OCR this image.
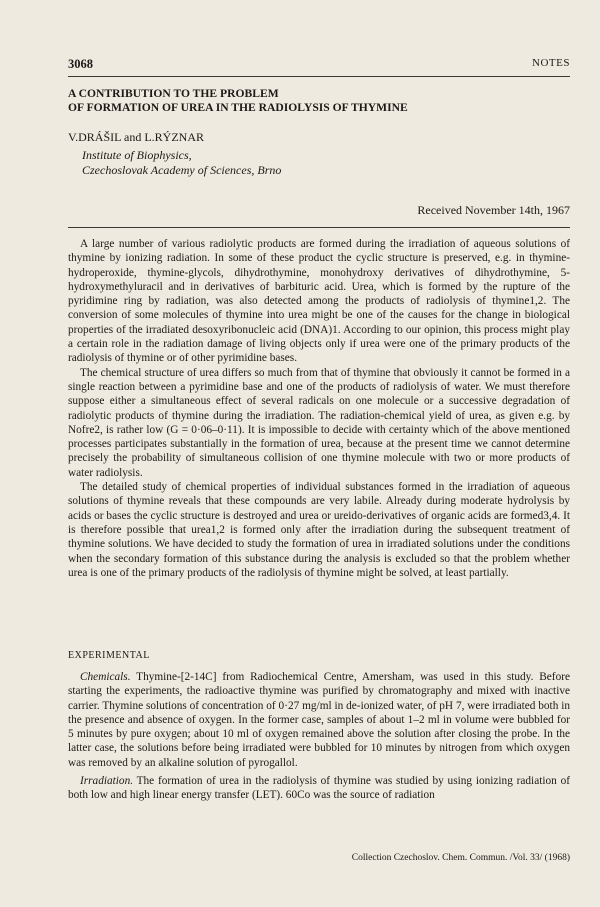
3068	NOTES
A CONTRIBUTION TO THE PROBLEM
OF FORMATION OF UREA IN THE RADIOLYSIS OF THYMINE
V.DRÁŠIL and L.RÝZNAR
Institute of Biophysics,
Czechoslovak Academy of Sciences, Brno
Received November 14th, 1967

A large number of various radiolytic products are formed during the irradiation of aqueous solutions of thymine by ionizing radiation. In some of these product the cyclic structure is preserved, e.g. in thymine-hydroperoxide, thymine-glycols, dihydrothymine, monohydroxy derivatives of dihydrothymine, 5-hydroxymethyluracil and in derivatives of barbituric acid. Urea, which is formed by the rupture of the pyridimine ring by radiation, was also detected among the products of radiolysis of thymine1,2. The conversion of some molecules of thymine into urea might be one of the causes for the change in biological properties of the irradiated desoxyribonucleic acid (DNA)1. According to our opinion, this process might play a certain role in the radiation damage of living objects only if urea were one of the primary products of the radiolysis of thymine or of other pyrimidine bases.

The chemical structure of urea differs so much from that of thymine that obviously it cannot be formed in a single reaction between a pyrimidine base and one of the products of radiolysis of water. We must therefore suppose either a simultaneous effect of several radicals on one molecule or a successive degradation of radiolytic products of thymine during the irradiation. The radiation-chemical yield of urea, as given e.g. by Nofre2, is rather low (G = 0·06–0·11). It is impossible to decide with certainty which of the above mentioned processes participates substantially in the formation of urea, because at the present time we cannot determine precisely the probability of simultaneous collision of one thymine molecule with two or more products of water radiolysis.

The detailed study of chemical properties of individual substances formed in the irradiation of aqueous solutions of thymine reveals that these compounds are very labile. Already during moderate hydrolysis by acids or bases the cyclic structure is destroyed and urea or ureido-derivatives of organic acids are formed3,4. It is therefore possible that urea1,2 is formed only after the irradiation during the subsequent treatment of thymine solutions. We have decided to study the formation of urea in irradiated solutions under the conditions when the secondary formation of this substance during the analysis is excluded so that the problem whether urea is one of the primary products of the radiolysis of thymine might be solved, at least partially.

EXPERIMENTAL

Chemicals. Thymine-[2-14C] from Radiochemical Centre, Amersham, was used in this study. Before starting the experiments, the radioactive thymine was purified by chromatography and mixed with inactive carrier. Thymine solutions of concentration of 0·27 mg/ml in de-ionized water, of pH 7, were irradiated both in the presence and absence of oxygen. In the former case, samples of about 1–2 ml in volume were bubbled for 5 minutes by pure oxygen; about 10 ml of oxygen remained above the solution after closing the probe. In the latter case, the solutions before being irradiated were bubbled for 10 minutes by nitrogen from which oxygen was removed by an alkaline solution of pyrogallol.

Irradiation. The formation of urea in the radiolysis of thymine was studied by using ionizing radiation of both low and high linear energy transfer (LET). 60Co was the source of radiation

Collection Czechoslov. Chem. Commun. /Vol. 33/ (1968)
